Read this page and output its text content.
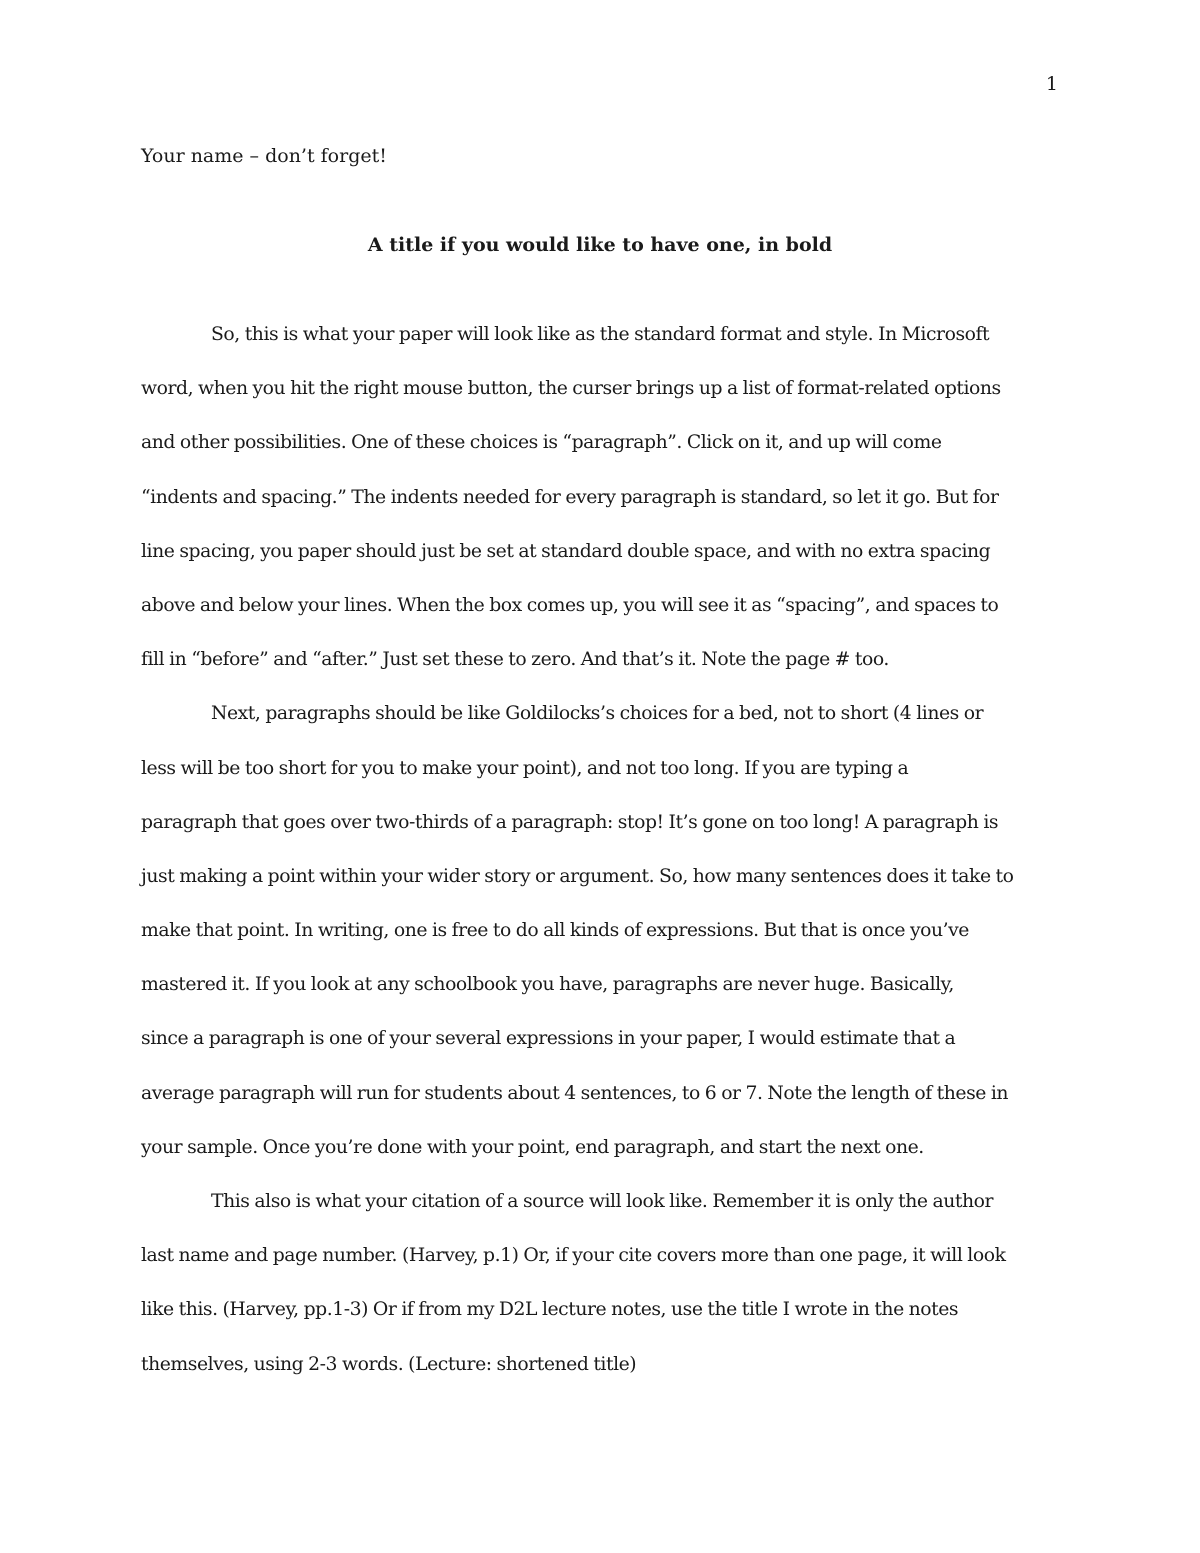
1
Your name – don’t forget!
A title if you would like to have one, in bold
So, this is what your paper will look like as the standard format and style. In Microsoft
word, when you hit the right mouse button, the curser brings up a list of format-related options
and other possibilities. One of these choices is “paragraph”. Click on it, and up will come
“indents and spacing.” The indents needed for every paragraph is standard, so let it go. But for
line spacing, you paper should just be set at standard double space, and with no extra spacing
above and below your lines. When the box comes up, you will see it as “spacing”, and spaces to
fill in “before” and “after.” Just set these to zero. And that’s it. Note the page # too.
Next, paragraphs should be like Goldilocks’s choices for a bed, not to short (4 lines or
less will be too short for you to make your point), and not too long. If you are typing a
paragraph that goes over two-thirds of a paragraph: stop! It’s gone on too long! A paragraph is
just making a point within your wider story or argument. So, how many sentences does it take to
make that point. In writing, one is free to do all kinds of expressions. But that is once you’ve
mastered it. If you look at any schoolbook you have, paragraphs are never huge. Basically,
since a paragraph is one of your several expressions in your paper, I would estimate that a
average paragraph will run for students about 4 sentences, to 6 or 7. Note the length of these in
your sample. Once you’re done with your point, end paragraph, and start the next one.
This also is what your citation of a source will look like. Remember it is only the author
last name and page number. (Harvey, p.1) Or, if your cite covers more than one page, it will look
like this. (Harvey, pp.1-3) Or if from my D2L lecture notes, use the title I wrote in the notes
themselves, using 2-3 words. (Lecture: shortened title)
